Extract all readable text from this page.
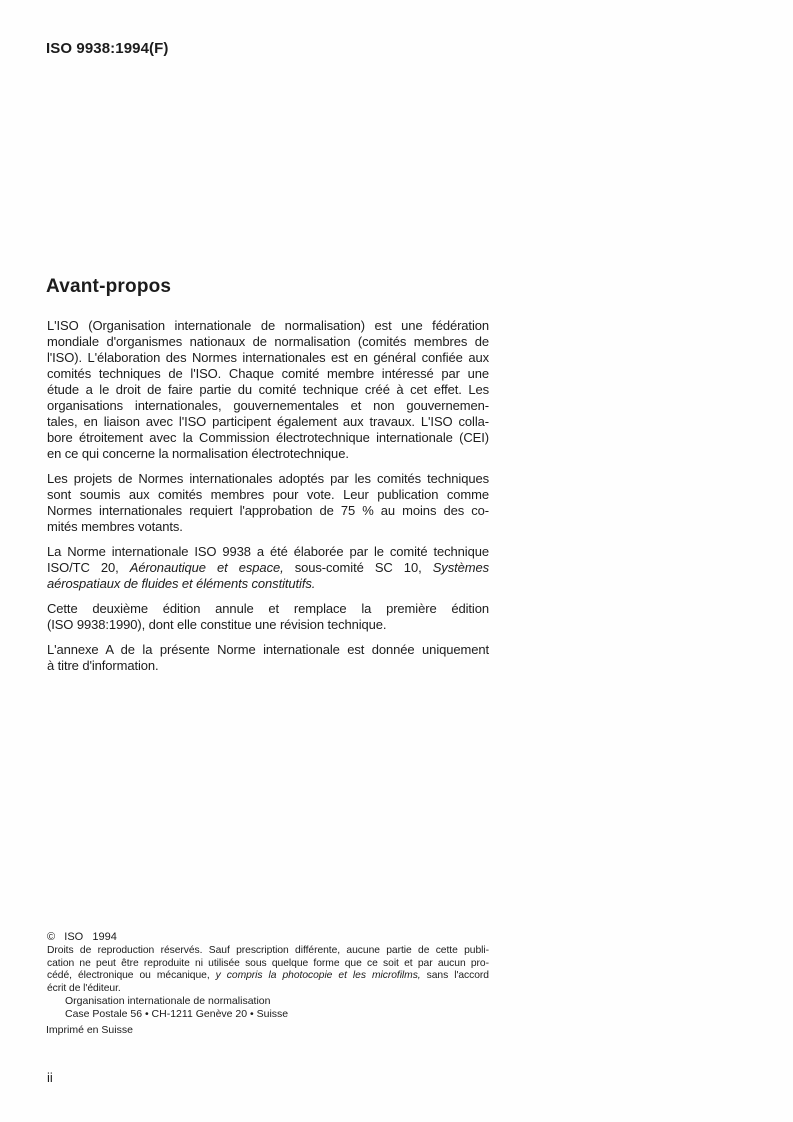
ISO 9938:1994(F)
Avant-propos
L'ISO (Organisation internationale de normalisation) est une fédération
mondiale d'organismes nationaux de normalisation (comités membres de
l'ISO). L'élaboration des Normes internationales est en général confiée aux
comités techniques de l'ISO. Chaque comité membre intéressé par une
étude a le droit de faire partie du comité technique créé à cet effet. Les
organisations internationales, gouvernementales et non gouvernemen-
tales, en liaison avec l'ISO participent également aux travaux. L'ISO colla-
bore étroitement avec la Commission électrotechnique internationale (CEI)
en ce qui concerne la normalisation électrotechnique.
Les projets de Normes internationales adoptés par les comités techniques
sont soumis aux comités membres pour vote. Leur publication comme
Normes internationales requiert l'approbation de 75 % au moins des co-
mités membres votants.
La Norme internationale ISO 9938 a été élaborée par le comité technique
ISO/TC 20, Aéronautique et espace, sous-comité SC 10, Systèmes
aérospatiaux de fluides et éléments constitutifs.
Cette deuxième édition annule et remplace la première édition
(ISO 9938:1990), dont elle constitue une révision technique.
L'annexe A de la présente Norme internationale est donnée uniquement
à titre d'information.
©   ISO   1994
Droits de reproduction réservés. Sauf prescription différente, aucune partie de cette publi-
cation ne peut être reproduite ni utilisée sous quelque forme que ce soit et par aucun pro-
cédé, électronique ou mécanique, y compris la photocopie et les microfilms, sans l'accord
écrit de l'éditeur.
Organisation internationale de normalisation
Case Postale 56 • CH-1211 Genève 20 • Suisse
Imprimé en Suisse
ii
